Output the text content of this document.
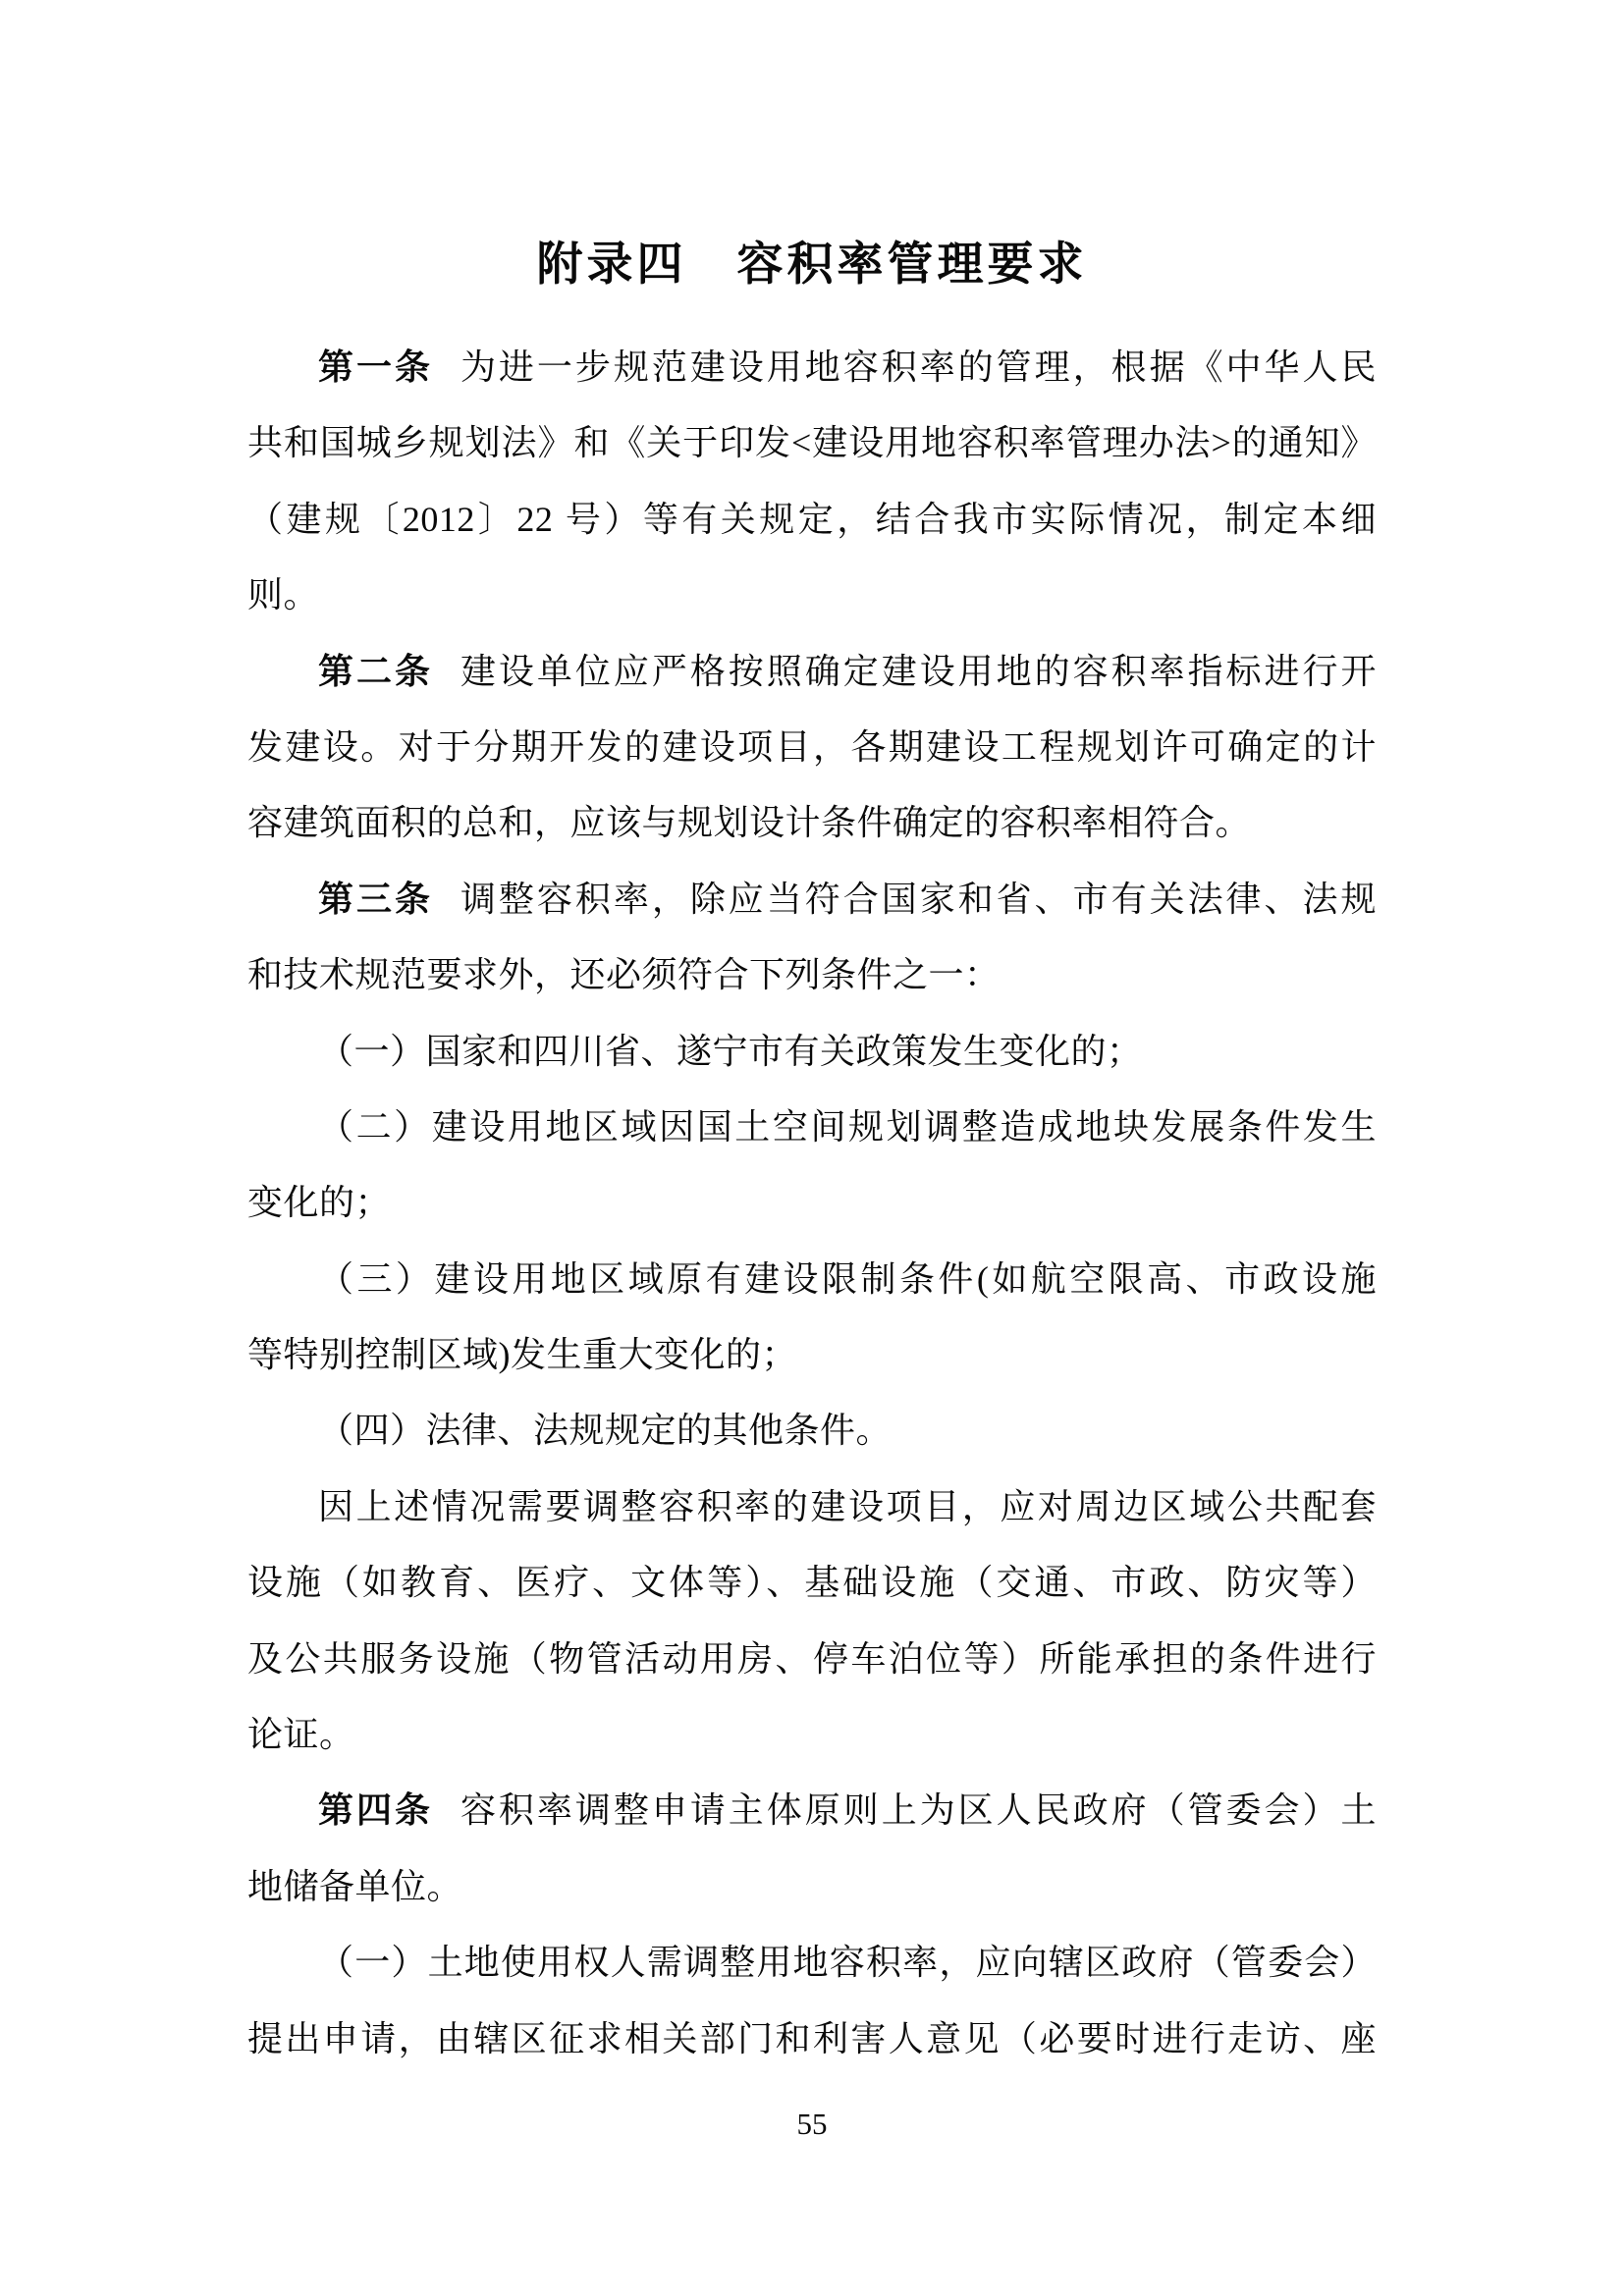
附录四　容积率管理要求
第一条 为进一步规范建设用地容积率的管理，根据《中华人民
共和国城乡规划法》和《关于印发<建设用地容积率管理办法>的通知》
（建规〔2012〕22 号）等有关规定，结合我市实际情况，制定本细
则。
第二条 建设单位应严格按照确定建设用地的容积率指标进行开
发建设。对于分期开发的建设项目，各期建设工程规划许可确定的计
容建筑面积的总和，应该与规划设计条件确定的容积率相符合。
第三条 调整容积率，除应当符合国家和省、市有关法律、法规
和技术规范要求外，还必须符合下列条件之一：
（一）国家和四川省、遂宁市有关政策发生变化的；
（二）建设用地区域因国土空间规划调整造成地块发展条件发生
变化的；
（三）建设用地区域原有建设限制条件(如航空限高、市政设施
等特别控制区域)发生重大变化的；
（四）法律、法规规定的其他条件。
因上述情况需要调整容积率的建设项目，应对周边区域公共配套
设施（如教育、医疗、文体等）、基础设施（交通、市政、防灾等）
及公共服务设施（物管活动用房、停车泊位等）所能承担的条件进行
论证。
第四条 容积率调整申请主体原则上为区人民政府（管委会）土
地储备单位。
（一）土地使用权人需调整用地容积率，应向辖区政府（管委会）
提出申请，由辖区征求相关部门和利害人意见（必要时进行走访、座
55
